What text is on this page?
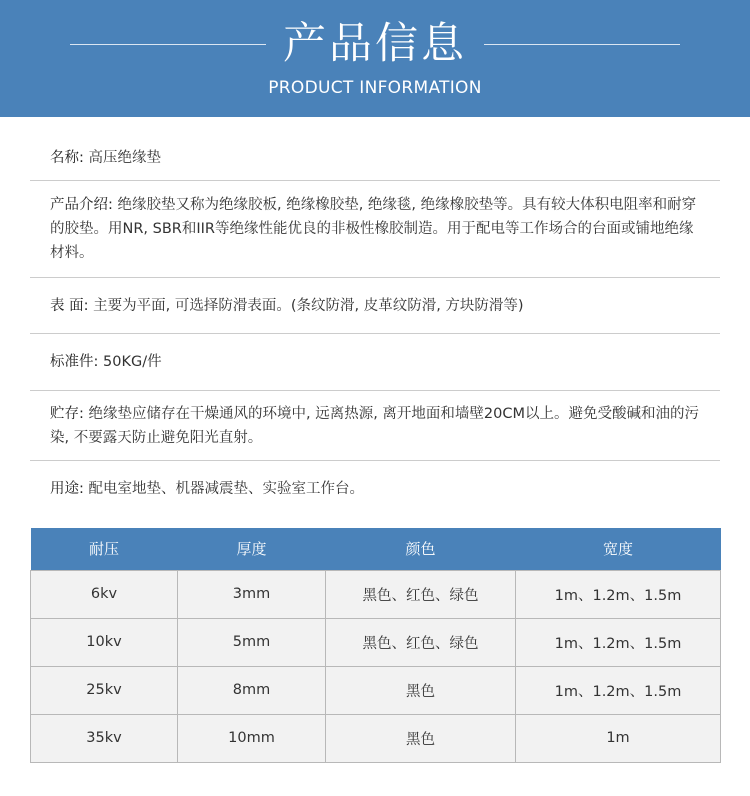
产品信息
PRODUCT INFORMATION
名称: 高压绝缘垫
产品介绍: 绝缘胶垫又称为绝缘胶板, 绝缘橡胶垫, 绝缘毯, 绝缘橡胶垫等。具有较大体积电阻率和耐穿的胶垫。用NR, SBR和IIR等绝缘性能优良的非极性橡胶制造。用于配电等工作场合的台面或铺地绝缘材料。
表 面: 主要为平面, 可选择防滑表面。(条纹防滑, 皮革纹防滑, 方块防滑等)
标准件: 50KG/件
贮存: 绝缘垫应储存在干燥通风的环境中, 远离热源, 离开地面和墙壁20CM以上。避免受酸碱和油的污染, 不要露天防止避免阳光直射。
用途: 配电室地垫、机器减震垫、实验室工作台。
耐压	厚度	颜色	宽度
6kv	3mm	黑色、红色、绿色	1m、1.2m、1.5m
10kv	5mm	黑色、红色、绿色	1m、1.2m、1.5m
25kv	8mm	黑色	1m、1.2m、1.5m
35kv	10mm	黑色	1m
